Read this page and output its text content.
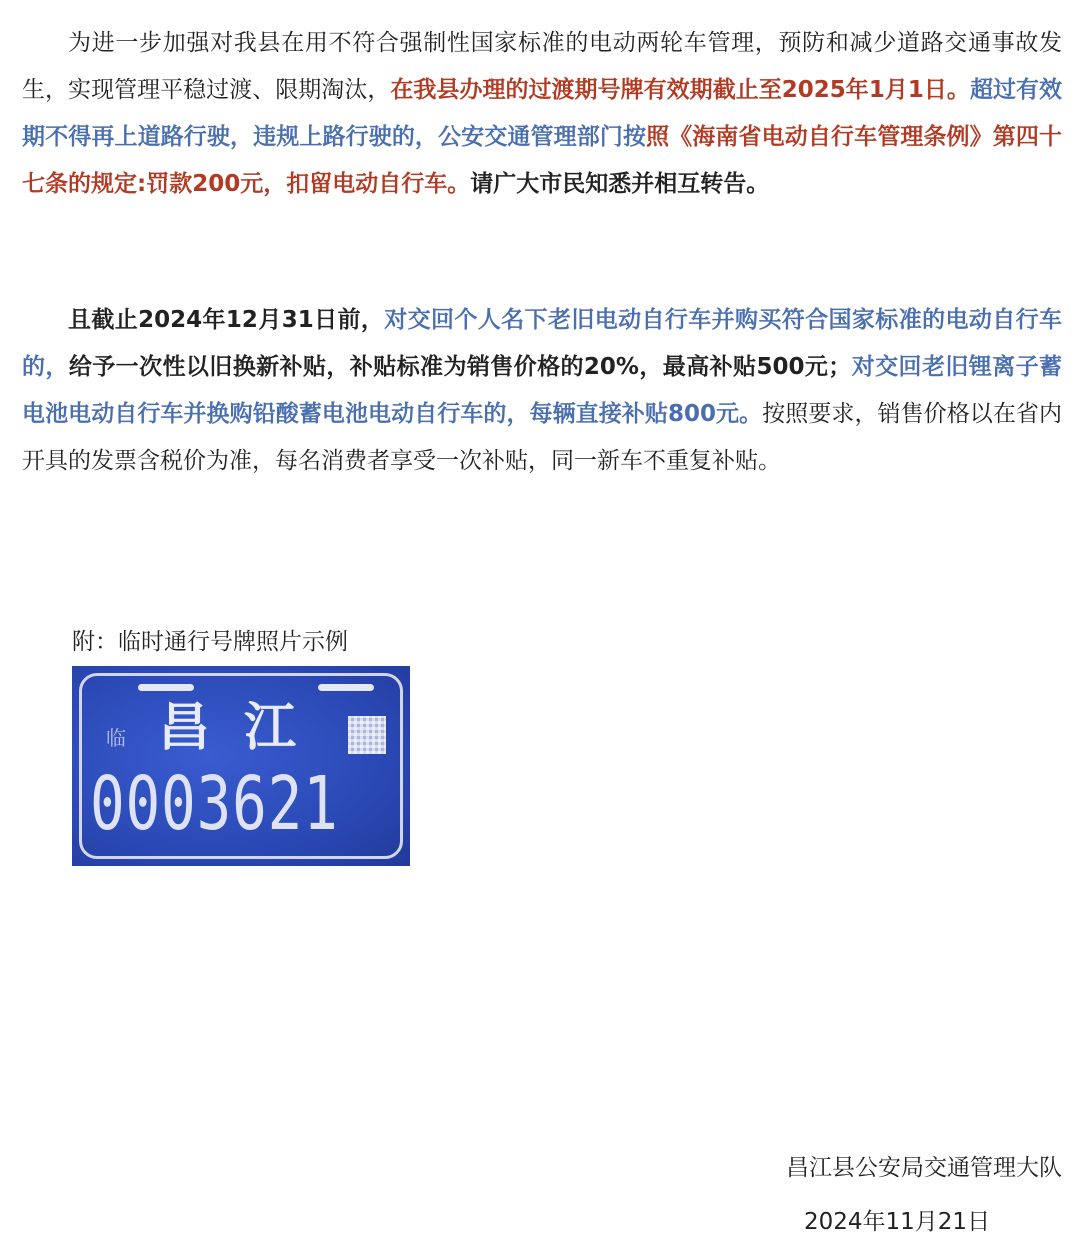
为进一步加强对我县在用不符合强制性国家标准的电动两轮车管理，预防和减少道路交通事故发生，实现管理平稳过渡、限期淘汰，在我县办理的过渡期号牌有效期截止至2025年1月1日。超过有效期不得再上道路行驶，违规上路行驶的，公安交通管理部门按照《海南省电动自行车管理条例》第四十七条的规定:罚款200元，扣留电动自行车。请广大市民知悉并相互转告。

且截止2024年12月31日前，对交回个人名下老旧电动自行车并购买符合国家标准的电动自行车的，给予一次性以旧换新补贴，补贴标准为销售价格的20%，最高补贴500元；对交回老旧锂离子蓄电池电动自行车并换购铅酸蓄电池电动自行车的，每辆直接补贴800元。按照要求，销售价格以在省内开具的发票含税价为准，每名消费者享受一次补贴，同一新车不重复补贴。

附：临时通行号牌照片示例
临 昌江
0003621
昌江县公安局交通管理大队
2024年11月21日
